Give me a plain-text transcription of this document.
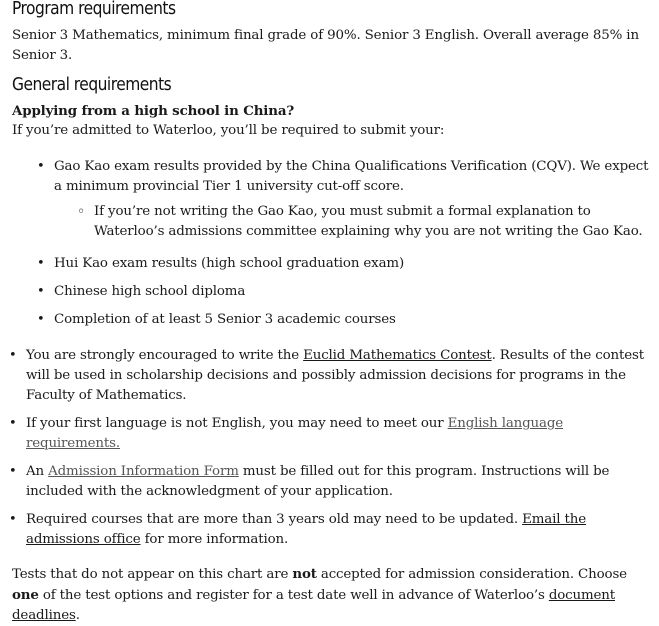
Program requirements

Senior 3 Mathematics, minimum final grade of 90%. Senior 3 English. Overall average 85% in Senior 3.

General requirements

Applying from a high school in China?

If you’re admitted to Waterloo, you’ll be required to submit your:

• Gao Kao exam results provided by the China Qualifications Verification (CQV). We expect a minimum provincial Tier 1 university cut-off score.
◦ If you’re not writing the Gao Kao, you must submit a formal explanation to Waterloo’s admissions committee explaining why you are not writing the Gao Kao.
• Hui Kao exam results (high school graduation exam)
• Chinese high school diploma
• Completion of at least 5 Senior 3 academic courses
• You are strongly encouraged to write the Euclid Mathematics Contest. Results of the contest will be used in scholarship decisions and possibly admission decisions for programs in the Faculty of Mathematics.
• If your first language is not English, you may need to meet our English language requirements.
• An Admission Information Form must be filled out for this program. Instructions will be included with the acknowledgment of your application.
• Required courses that are more than 3 years old may need to be updated. Email the admissions office for more information.

Tests that do not appear on this chart are not accepted for admission consideration. Choose one of the test options and register for a test date well in advance of Waterloo’s document deadlines.
